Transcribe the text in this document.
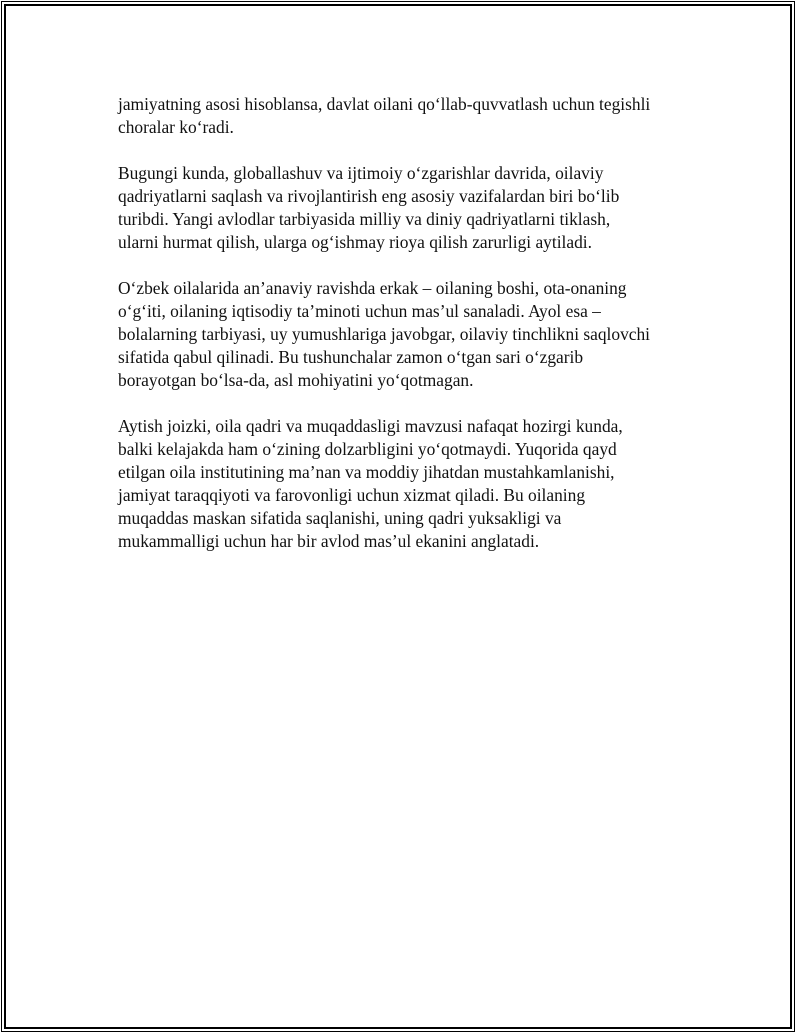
jamiyatning asosi hisoblansa, davlat oilani qo‘llab-quvvatlash uchun tegishli
choralar ko‘radi.

Bugungi kunda, globallashuv va ijtimoiy o‘zgarishlar davrida, oilaviy
qadriyatlarni saqlash va rivojlantirish eng asosiy vazifalardan biri bo‘lib
turibdi. Yangi avlodlar tarbiyasida milliy va diniy qadriyatlarni tiklash,
ularni hurmat qilish, ularga og‘ishmay rioya qilish zarurligi aytiladi.

O‘zbek oilalarida an’anaviy ravishda erkak – oilaning boshi, ota-onaning
o‘g‘iti, oilaning iqtisodiy ta’minoti uchun mas’ul sanaladi. Ayol esa –
bolalarning tarbiyasi, uy yumushlariga javobgar, oilaviy tinchlikni saqlovchi
sifatida qabul qilinadi. Bu tushunchalar zamon o‘tgan sari o‘zgarib
borayotgan bo‘lsa-da, asl mohiyatini yo‘qotmagan.

Aytish joizki, oila qadri va muqaddasligi mavzusi nafaqat hozirgi kunda,
balki kelajakda ham o‘zining dolzarbligini yo‘qotmaydi. Yuqorida qayd
etilgan oila institutining ma’nan va moddiy jihatdan mustahkamlanishi,
jamiyat taraqqiyoti va farovonligi uchun xizmat qiladi. Bu oilaning
muqaddas maskan sifatida saqlanishi, uning qadri yuksakligi va
mukammalligi uchun har bir avlod mas’ul ekanini anglatadi.
